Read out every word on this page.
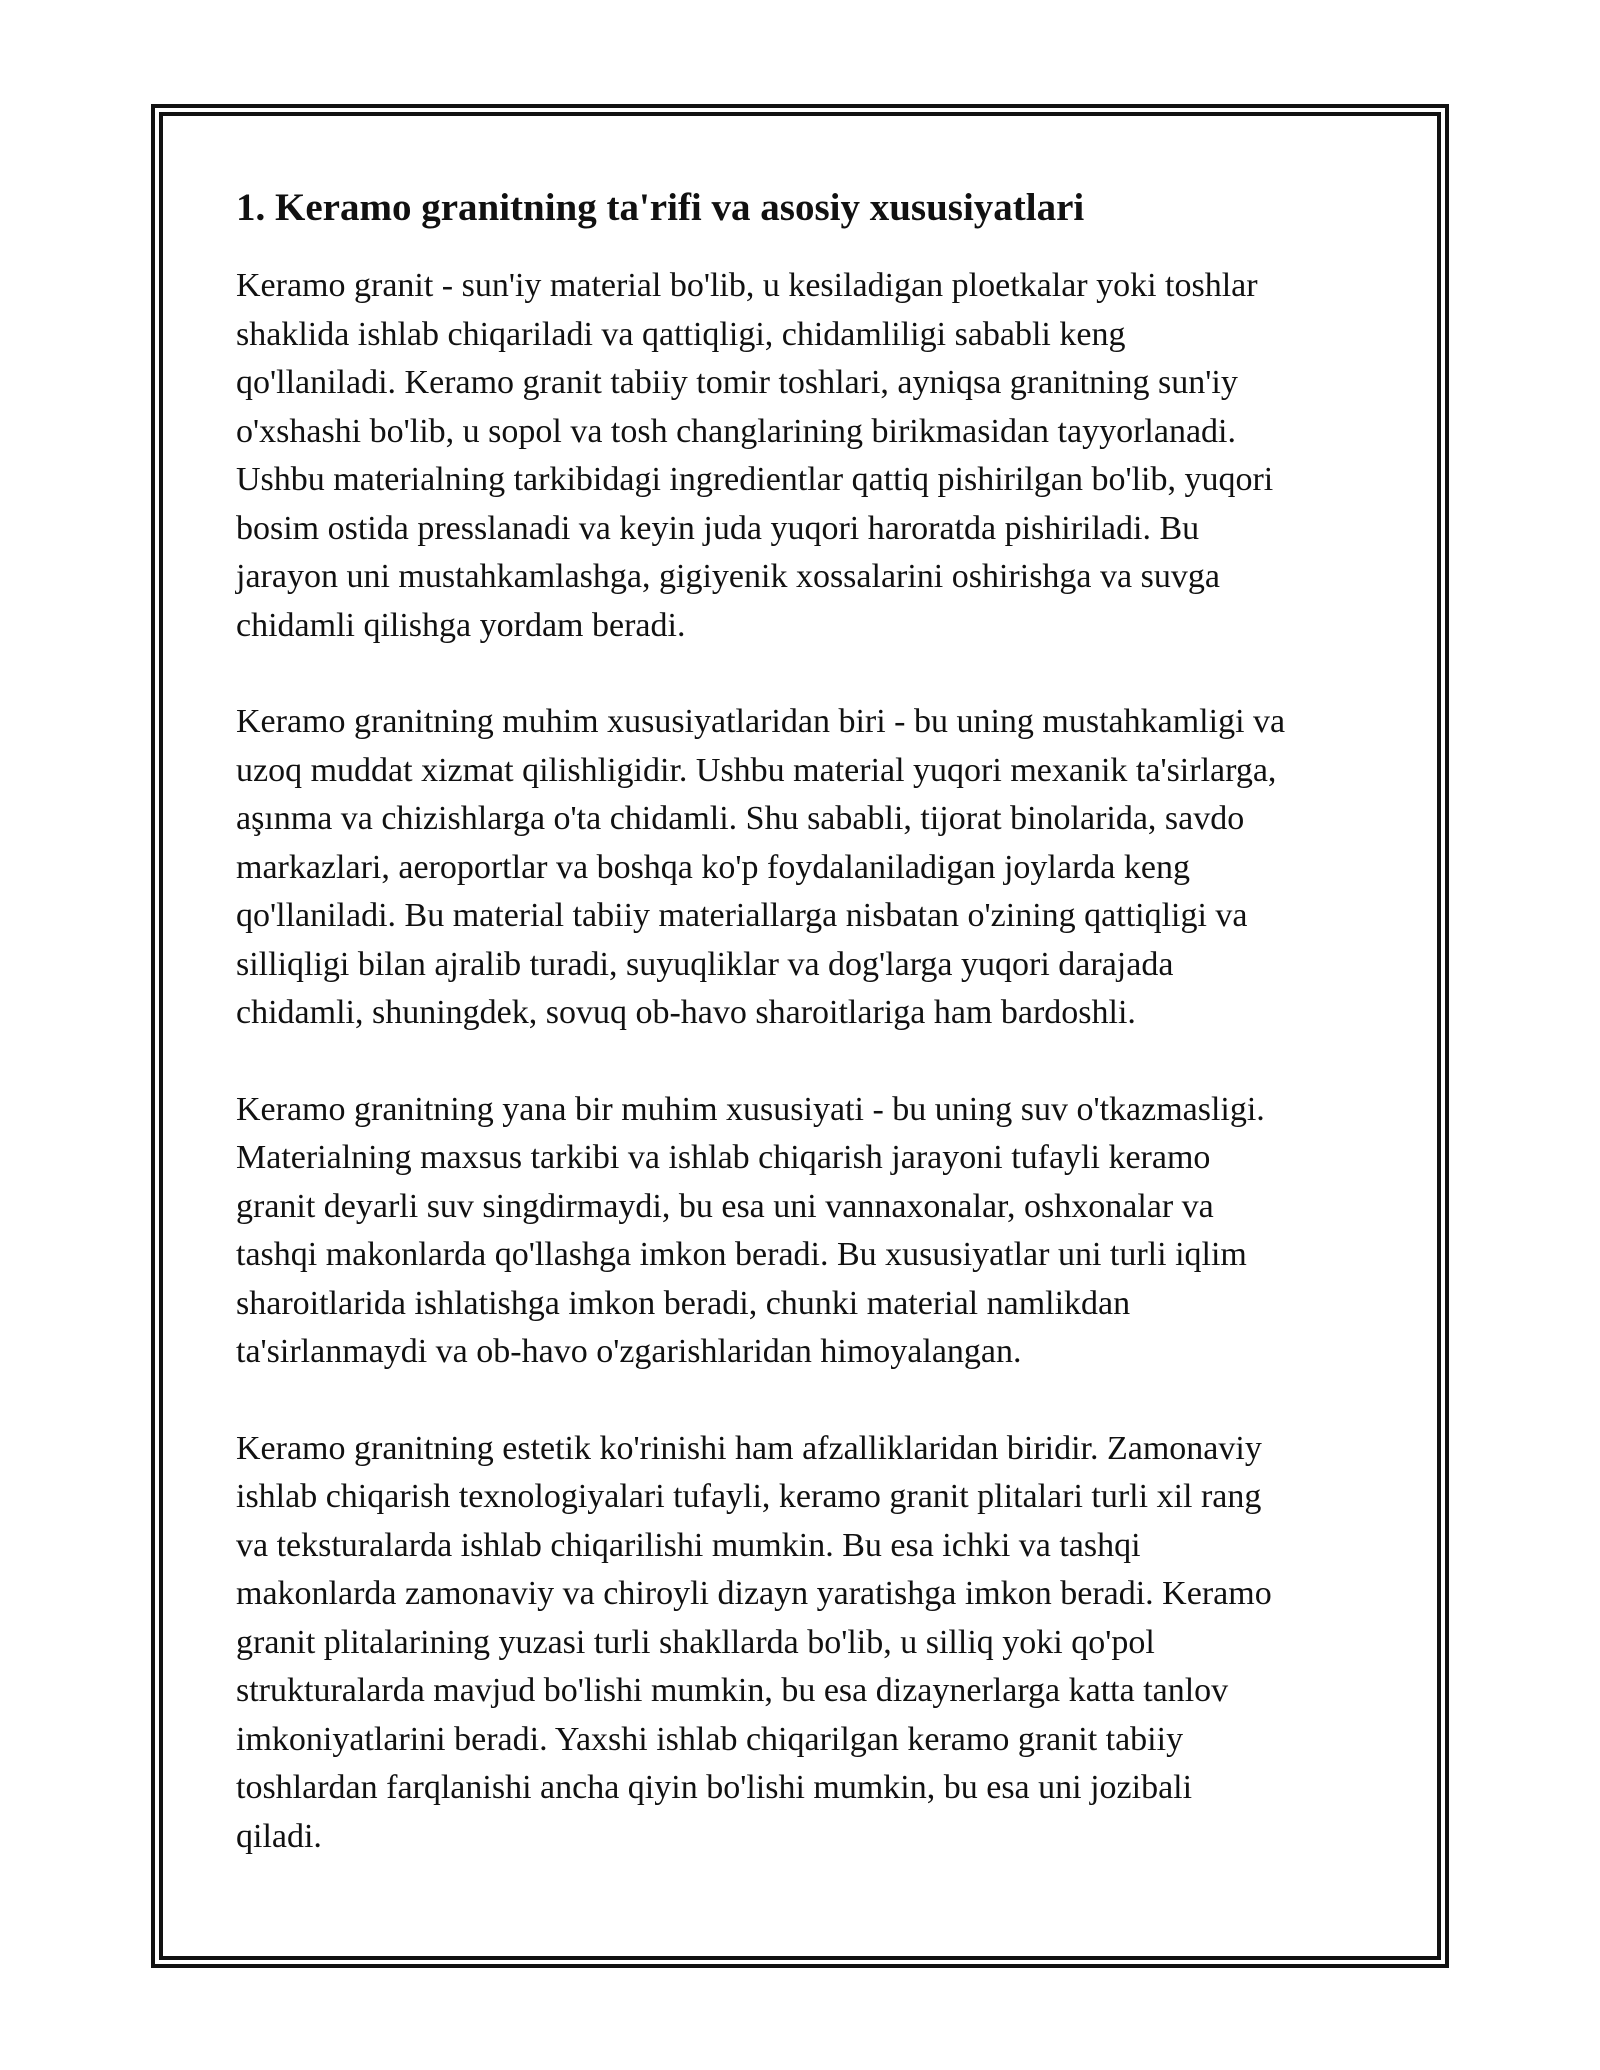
1. Keramo granitning ta'rifi va asosiy xususiyatlari

Keramo granit - sun'iy material bo'lib, u kesiladigan ploetkalar yoki toshlar
shaklida ishlab chiqariladi va qattiqligi, chidamliligi sababli keng
qo'llaniladi. Keramo granit tabiiy tomir toshlari, ayniqsa granitning sun'iy
o'xshashi bo'lib, u sopol va tosh changlarining birikmasidan tayyorlanadi.
Ushbu materialning tarkibidagi ingredientlar qattiq pishirilgan bo'lib, yuqori
bosim ostida presslanadi va keyin juda yuqori haroratda pishiriladi. Bu
jarayon uni mustahkamlashga, gigiyenik xossalarini oshirishga va suvga
chidamli qilishga yordam beradi.

Keramo granitning muhim xususiyatlaridan biri - bu uning mustahkamligi va
uzoq muddat xizmat qilishligidir. Ushbu material yuqori mexanik ta'sirlarga,
aşınma va chizishlarga o'ta chidamli. Shu sababli, tijorat binolarida, savdo
markazlari, aeroportlar va boshqa ko'p foydalaniladigan joylarda keng
qo'llaniladi. Bu material tabiiy materiallarga nisbatan o'zining qattiqligi va
silliqligi bilan ajralib turadi, suyuqliklar va dog'larga yuqori darajada
chidamli, shuningdek, sovuq ob-havo sharoitlariga ham bardoshli.

Keramo granitning yana bir muhim xususiyati - bu uning suv o'tkazmasligi.
Materialning maxsus tarkibi va ishlab chiqarish jarayoni tufayli keramo
granit deyarli suv singdirmaydi, bu esa uni vannaxonalar, oshxonalar va
tashqi makonlarda qo'llashga imkon beradi. Bu xususiyatlar uni turli iqlim
sharoitlarida ishlatishga imkon beradi, chunki material namlikdan
ta'sirlanmaydi va ob-havo o'zgarishlaridan himoyalangan.

Keramo granitning estetik ko'rinishi ham afzalliklaridan biridir. Zamonaviy
ishlab chiqarish texnologiyalari tufayli, keramo granit plitalari turli xil rang
va teksturalarda ishlab chiqarilishi mumkin. Bu esa ichki va tashqi
makonlarda zamonaviy va chiroyli dizayn yaratishga imkon beradi. Keramo
granit plitalarining yuzasi turli shakllarda bo'lib, u silliq yoki qo'pol
strukturalarda mavjud bo'lishi mumkin, bu esa dizaynerlarga katta tanlov
imkoniyatlarini beradi. Yaxshi ishlab chiqarilgan keramo granit tabiiy
toshlardan farqlanishi ancha qiyin bo'lishi mumkin, bu esa uni jozibali
qiladi.
